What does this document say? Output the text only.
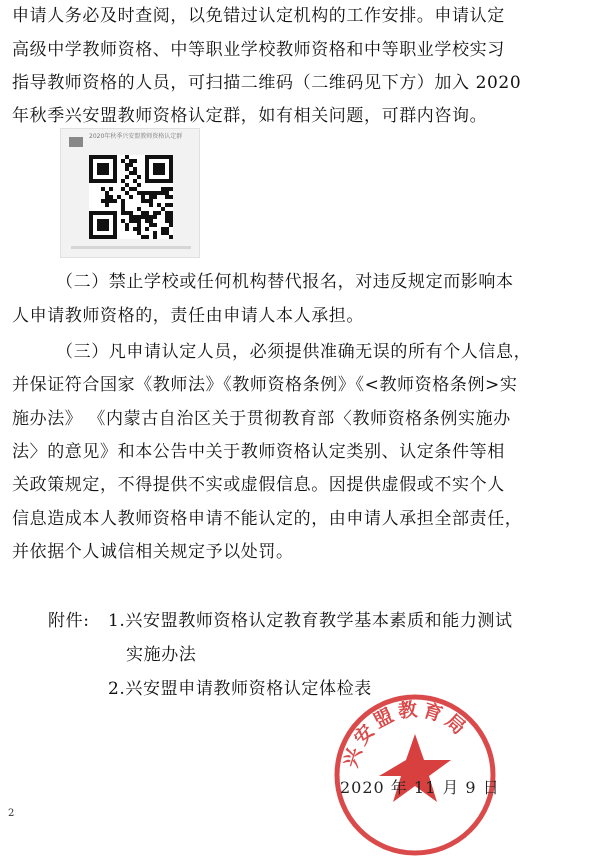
申请人务必及时查阅，以免错过认定机构的工作安排。申请认定
高级中学教师资格、中等职业学校教师资格和中等职业学校实习
指导教师资格的人员，可扫描二维码（二维码见下方）加入 2020
年秋季兴安盟教师资格认定群，如有相关问题，可群内咨询。
2020年秋季兴安盟教师资格认定群
（二）禁止学校或任何机构替代报名，对违反规定而影响本
人申请教师资格的，责任由申请人本人承担。
（三）凡申请认定人员，必须提供准确无误的所有个人信息，
并保证符合国家《教师法》《教师资格条例》《<教师资格条例>实
施办法》 《内蒙古自治区关于贯彻教育部〈教师资格条例实施办
法〉的意见》和本公告中关于教师资格认定类别、认定条件等相
关政策规定，不得提供不实或虚假信息。因提供虚假或不实个人
信息造成本人教师资格申请不能认定的，由申请人承担全部责任，
并依据个人诚信相关规定予以处罚。
附件: 1.兴安盟教师资格认定教育教学基本素质和能力测试
实施办法
2.兴安盟申请教师资格认定体检表
兴安盟教育局
2020 年 11 月 9 日
2
